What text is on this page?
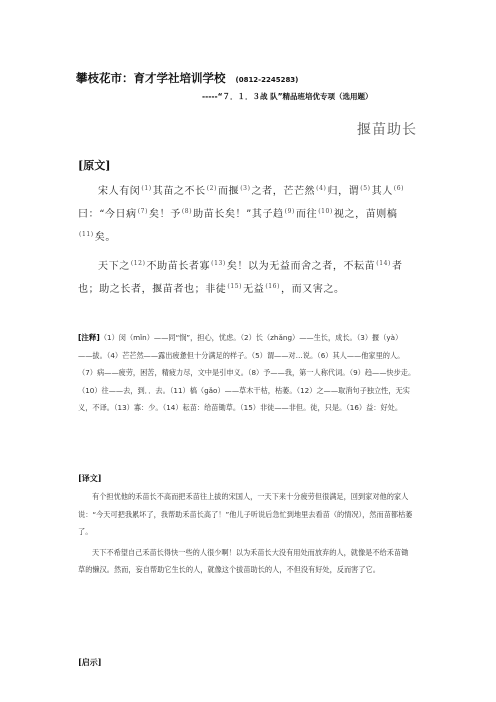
攀枝花市：育才学社培训学校 (0812-2245283)
-----“７．１．３战 队”精品班培优专项（选用题）
揠苗助长
[原文]

宋人有闵$^{(1)}$其苗之不长$^{(2)}$而揠$^{(3)}$之者，芒芒然$^{(4)}$归，谓$^{(5)}$其人$^{(6)}$曰：“今日病$^{(7)}$矣！予$^{(8)}$助苗长矣！”其子趋$^{(9)}$而往$^{(10)}$视之，苗则槁$^{(11)}$矣。

天下之$^{(12)}$不助苗长者寡$^{(13)}$矣！以为无益而舍之者，不耘苗$^{(14)}$者也；助之长者，揠苗者也；非徒$^{(15)}$无益$^{(16)}$，而又害之。

[注释]（1）闵（mǐn）——同“悯”，担心，忧虑。（2）长（zhǎng）——生长，成长。（3）揠（yà）——拔。（4）芒芒然——露出疲惫但十分满足的样子。（5）谓——对…说。（6）其人——他家里的人。（7）病——疲劳，困苦，精疲力尽，文中是引申义。（8）予——我，第一人称代词。（9）趋——快步走。（10）往——去，到．．去。（11）槁（gǎo）——草木干枯，枯萎。（12）之——取消句子独立性，无实义，不译。（13）寡：少。（14）耘苗：给苗锄草。（15）非徒——非但。徒，只是。（16）益：好处。
[译文]

有个担忧他的禾苗长不高而把禾苗往上拔的宋国人，一天下来十分疲劳但很满足，回到家对他的家人说：“今天可把我累坏了，我帮助禾苗长高了！”他儿子听说后急忙到地里去看苗（的情况），然而苗都枯萎了。

天下不希望自己禾苗长得快一些的人很少啊！以为禾苗长大没有用处而放弃的人，就像是不给禾苗锄草的懒汉。然而，妄自帮助它生长的人，就像这个拔苗助长的人，不但没有好处，反而害了它。

[启示]
